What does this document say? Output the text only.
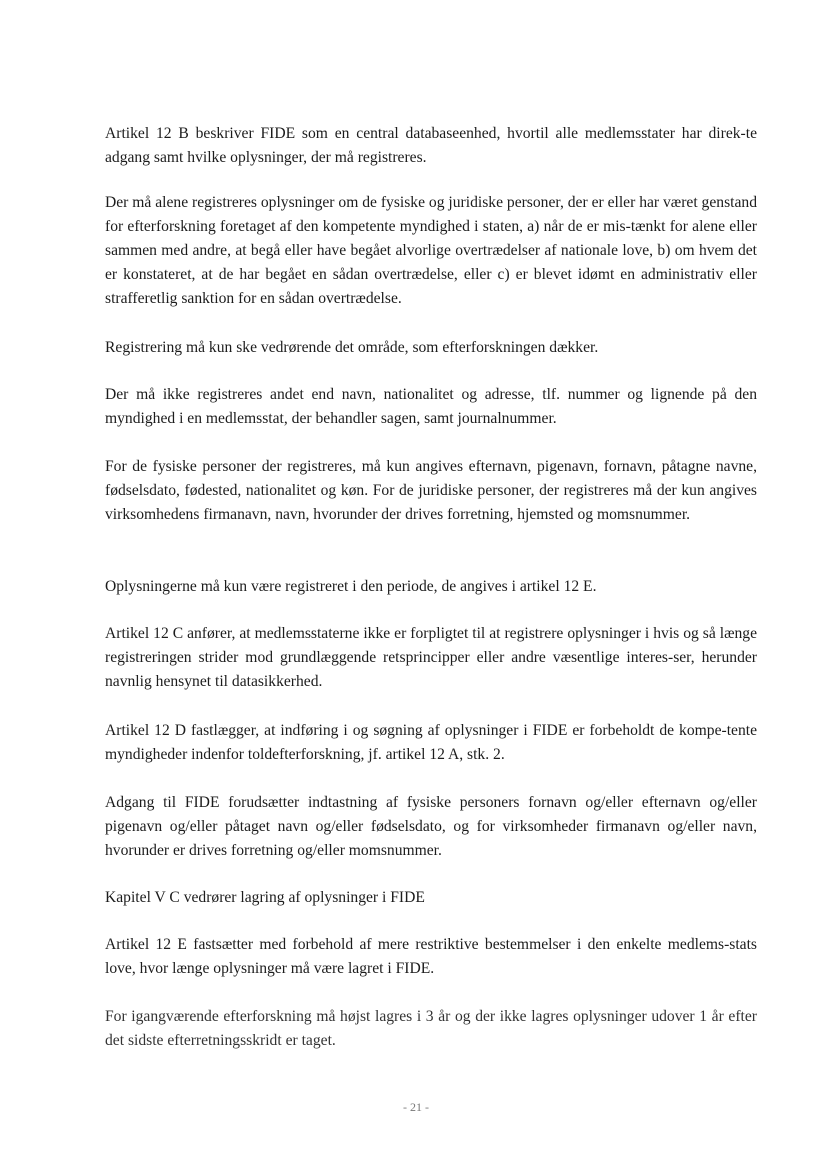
Artikel 12 B beskriver FIDE som en central databaseenhed, hvortil alle medlemsstater har direk-te adgang samt hvilke oplysninger, der må registreres.

Der må alene registreres oplysninger om de fysiske og juridiske personer, der er eller har været genstand for efterforskning foretaget af den kompetente myndighed i staten, a) når de er mis-tænkt for alene eller sammen med andre, at begå eller have begået alvorlige overtrædelser af nationale love, b) om hvem det er konstateret, at de har begået en sådan overtrædelse, eller c) er blevet idømt en administrativ eller strafferetlig sanktion for en sådan overtrædelse.

Registrering må kun ske vedrørende det område, som efterforskningen dækker.

Der må ikke registreres andet end navn, nationalitet og adresse, tlf. nummer og lignende på den myndighed i en medlemsstat, der behandler sagen, samt journalnummer.

For de fysiske personer der registreres, må kun angives efternavn, pigenavn, fornavn, påtagne navne, fødselsdato, fødested, nationalitet og køn. For de juridiske personer, der registreres må der kun angives virksomhedens firmanavn, navn, hvorunder der drives forretning, hjemsted og momsnummer.

Oplysningerne må kun være registreret i den periode, de angives i artikel 12 E.

Artikel 12 C anfører, at medlemsstaterne ikke er forpligtet til at registrere oplysninger i hvis og så længe registreringen strider mod grundlæggende retsprincipper eller andre væsentlige interes-ser, herunder navnlig hensynet til datasikkerhed.

Artikel 12 D fastlægger, at indføring i og søgning af oplysninger i FIDE er forbeholdt de kompe-tente myndigheder indenfor toldefterforskning, jf. artikel 12 A, stk. 2.

Adgang til FIDE forudsætter indtastning af fysiske personers fornavn og/eller efternavn og/eller pigenavn og/eller påtaget navn og/eller fødselsdato, og for virksomheder firmanavn og/eller navn, hvorunder er drives forretning og/eller momsnummer.

Kapitel V C vedrører lagring af oplysninger i FIDE

Artikel 12 E fastsætter med forbehold af mere restriktive bestemmelser i den enkelte medlems-stats love, hvor længe oplysninger må være lagret i FIDE.

For igangværende efterforskning må højst lagres i 3 år og der ikke lagres oplysninger udover 1 år efter det sidste efterretningsskridt er taget.

- 21 -
